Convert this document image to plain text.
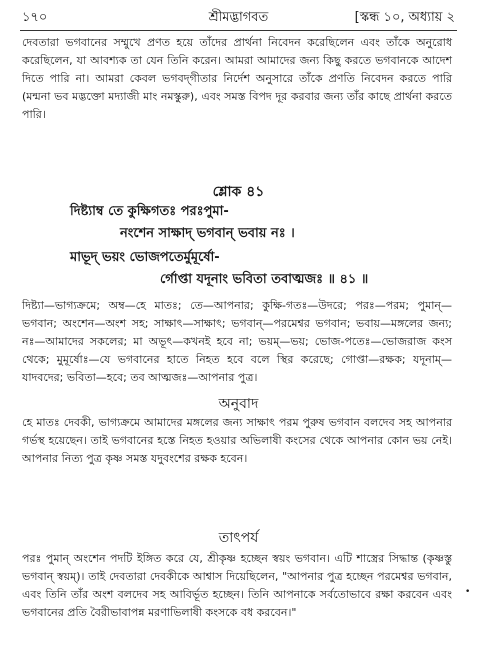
১৭০	শ্রীমদ্ভাগবত	[স্কন্ধ ১০, অধ্যায় ২
দেবতারা ভগবানের সম্মুখে প্রণত হয়ে তাঁদের প্রার্থনা নিবেদন করেছিলেন এবং তাঁকে অনুরোধ করেছিলেন, যা আবশ্যক তা যেন তিনি করেন। আমরা আমাদের জন্য কিছু করতে ভগবানকে আদেশ দিতে পারি না। আমরা কেবল ভগবদ্‌গীতার নির্দেশ অনুসারে তাঁকে প্রণতি নিবেদন করতে পারি (মন্মনা ভব মদ্ভক্তো মদ্যাজী মাং নমস্কুরু), এবং সমস্ত বিপদ দূর করবার জন্য তাঁর কাছে প্রার্থনা করতে পারি।
শ্লোক ৪১
দিষ্ট্যাম্ব তে কুক্ষিগতঃ পরঃপুমা-
নংশেন সাক্ষাদ্ ভগবান্ ভবায় নঃ ।
মাভূদ্ ভয়ং ভোজপতের্মুমূর্ষো-
র্গোপ্তা যদূনাং ভবিতা তবাত্মজঃ ॥ ৪১ ॥
দিষ্ট্যা—ভাগ্যক্রমে; অম্ব—হে মাতঃ; তে—আপনার; কুক্ষি-গতঃ—উদরে; পরঃ—পরম; পুমান্—ভগবান; অংশেন—অংশ সহ; সাক্ষাৎ—সাক্ষাৎ; ভগবান্—পরমেশ্বর ভগবান; ভবায়—মঙ্গলের জন্য; নঃ—আমাদের সকলের; মা অভূৎ—কখনই হবে না; ভয়ম্—ভয়; ভোজ-পতেঃ—ভোজরাজ কংস থেকে; মুমূর্ষোঃ—যে ভগবানের হাতে নিহত হবে বলে স্থির করেছে; গোপ্তা—রক্ষক; যদূনাম্—যাদবদের; ভবিতা—হবে; তব আত্মজঃ—আপনার পুত্র।
অনুবাদ
হে মাতঃ দেবকী, ভাগ্যক্রমে আমাদের মঙ্গলের জন্য সাক্ষাৎ পরম পুরুষ ভগবান বলদেব সহ আপনার গর্ভস্থ হয়েছেন। তাই ভগবানের হস্তে নিহত হওয়ার অভিলাষী কংসের থেকে আপনার কোন ভয় নেই। আপনার নিত্য পুত্র কৃষ্ণ সমস্ত যদুবংশের রক্ষক হবেন।
তাৎপর্য
পরঃ পুমান্ অংশেন পদটি ইঙ্গিত করে যে, শ্রীকৃষ্ণ হচ্ছেন স্বয়ং ভগবান। এটি শাস্ত্রের সিদ্ধান্ত (কৃষ্ণস্তু ভগবান্ স্বয়ম্)। তাই দেবতারা দেবকীকে আশ্বাস দিয়েছিলেন, "আপনার পুত্র হচ্ছেন পরমেশ্বর ভগবান, এবং তিনি তাঁর অংশ বলদেব সহ আবির্ভূত হচ্ছেন। তিনি আপনাকে সর্বতোভাবে রক্ষা করবেন এবং ভগবানের প্রতি বৈরীভাবাপন্ন মরণাভিলাষী কংসকে বধ করবেন।"
•
